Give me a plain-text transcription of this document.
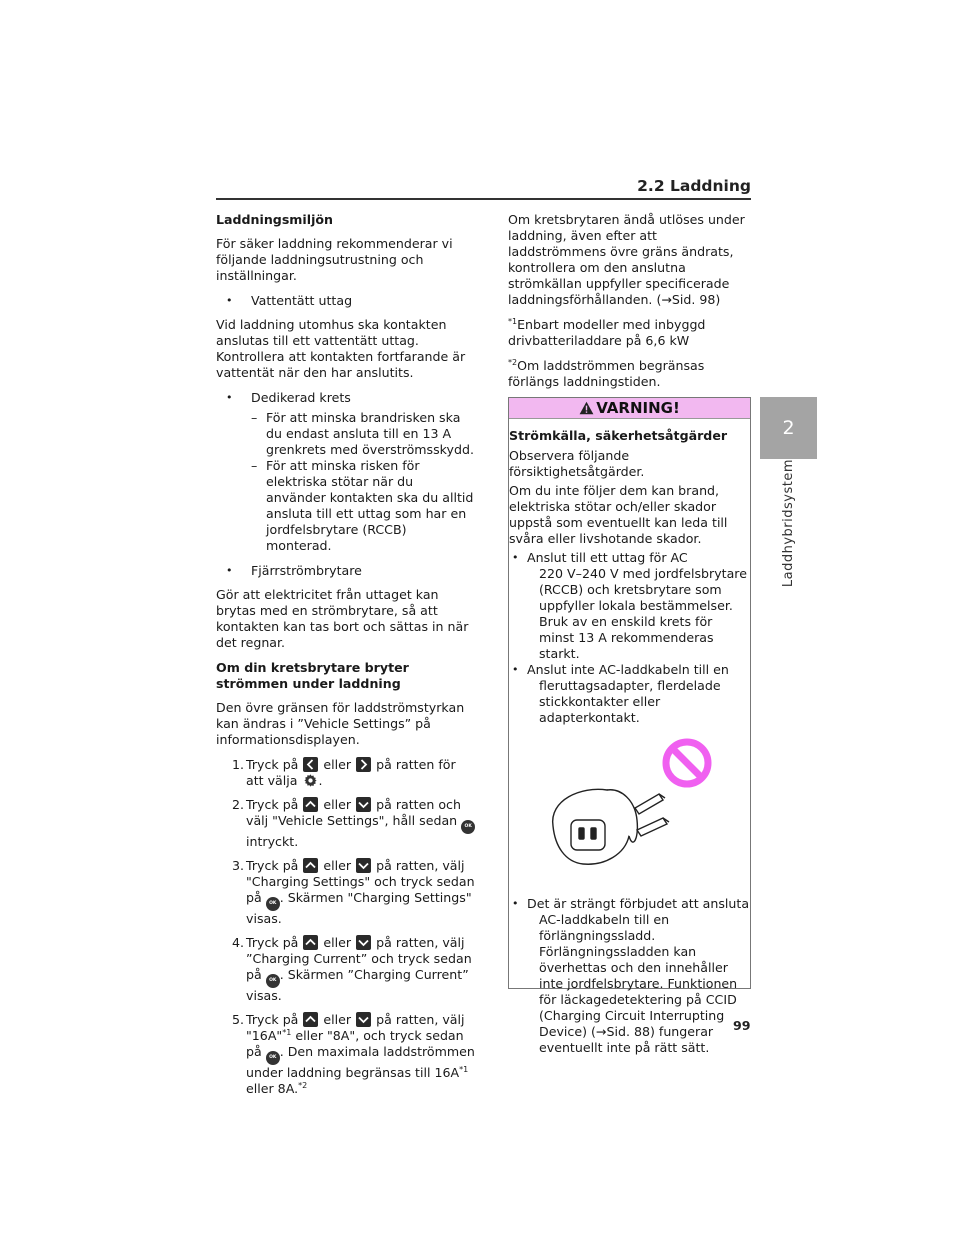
2.2 Laddning
2
Laddhybridsystem

Laddningsmiljön

För säker laddning rekommenderar vi följande laddningsutrustning och inställningar.

• Vattentätt uttag

Vid laddning utomhus ska kontakten anslutas till ett vattentätt uttag. Kontrollera att kontakten fortfarande är vattentät när den har anslutits.

• Dedikerad krets
– För att minska brandrisken ska du endast ansluta till en 13 A grenkrets med överströmsskydd.
– För att minska risken för elektriska stötar när du använder kontakten ska du alltid ansluta till ett uttag som har en jordfelsbrytare (RCCB) monterad.
• Fjärrströmbrytare

Gör att elektricitet från uttaget kan brytas med en strömbrytare, så att kontakten kan tas bort och sättas in när det regnar.

Om din kretsbrytare bryter strömmen under laddning

Den övre gränsen för laddströmstyrkan kan ändras i ”Vehicle Settings” på informationsdisplayen.

1. Tryck på
eller
på ratten för att välja .
2. Tryck på
eller
på ratten och välj "Vehicle Settings", håll sedan OK intryckt.
3. Tryck på
eller
på ratten, välj "Charging Settings" och tryck sedan på OK . Skärmen "Charging Settings" visas.
4. Tryck på
eller
på ratten, välj ”Charging Current” och tryck sedan på OK . Skärmen ”Charging Current” visas.
5. Tryck på
eller
på ratten, välj "16A"$^{*1}$ eller "8A", och tryck sedan på OK . Den maximala laddströmmen under laddning begränsas till $16A^{*1}$ eller 8A.$^{*2}$

Om kretsbrytaren ändå utlöses under laddning, även efter att laddströmmens övre gräns ändrats, kontrollera om den anslutna strömkällan uppfyller specificerade laddningsförhållanden. (→Sid. 98)

$^{*1}$Enbart modeller med inbyggd drivbatteriladdare på 6,6 kW

$^{*2}$Om laddströmmen begränsas förlängs laddningstiden.

VARNING!

Strömkälla, säkerhetsåtgärder

Observera följande försiktighetsåtgärder.

Om du inte följer dem kan brand, elektriska stötar och/eller skador uppstå som eventuellt kan leda till svåra eller livshotande skador.

• Anslut till ett uttag för AC
220 V–240 V med jordfelsbrytare (RCCB) och kretsbrytare som uppfyller lokala bestämmelser. Bruk av en enskild krets för minst 13 A rekommenderas starkt.
• Anslut inte AC-laddkabeln till en
fleruttagsadapter, flerdelade stickkontakter eller adapterkontakt.
• Det är strängt förbjudet att ansluta
AC-laddkabeln till en förlängningssladd. Förlängningssladden kan överhettas och den innehåller inte jordfelsbrytare. Funktionen för läckagedetektering på CCID (Charging Circuit Interrupting Device) (→Sid. 88) fungerar eventuellt inte på rätt sätt.
99
